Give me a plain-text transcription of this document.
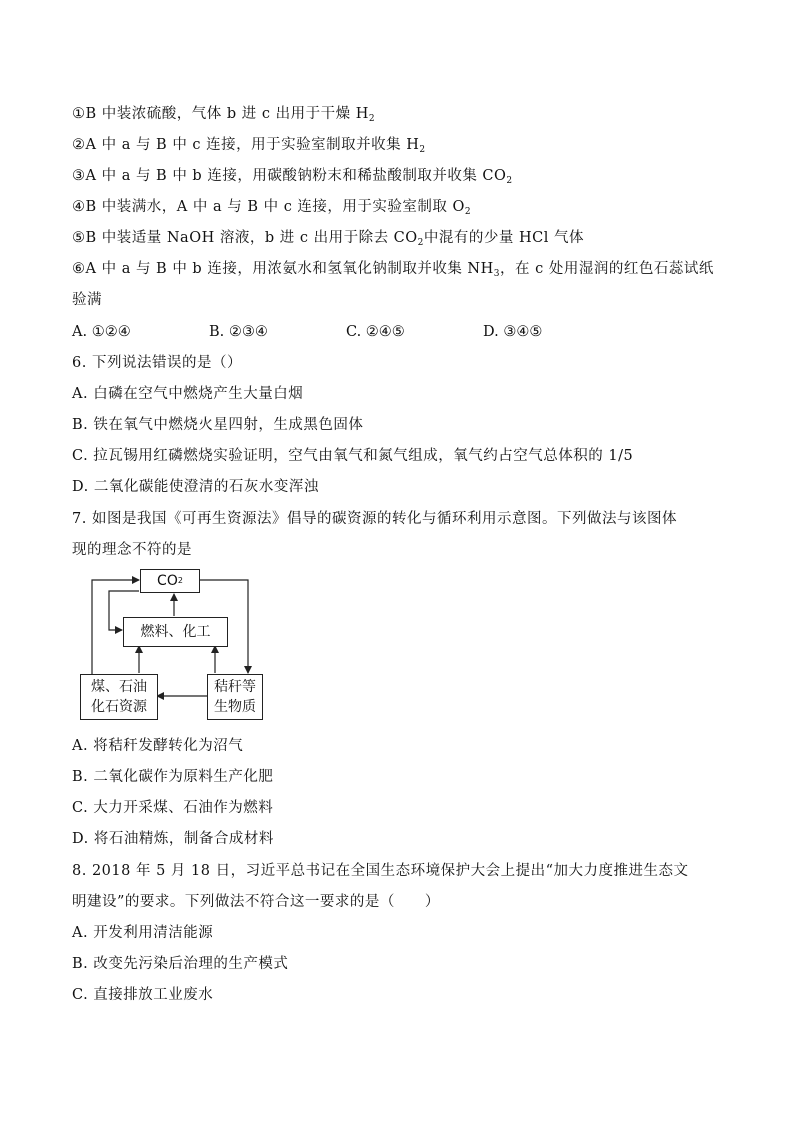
①B 中装浓硫酸，气体 b 进 c 出用于干燥 $H_2$
②A 中 a 与 B 中 c 连接，用于实验室制取并收集 $H_2$
③A 中 a 与 B 中 b 连接，用碳酸钠粉末和稀盐酸制取并收集 $CO_2$
④B 中装满水，A 中 a 与 B 中 c 连接，用于实验室制取 $O_2$
⑤B 中装适量 NaOH 溶液，b 进 c 出用于除去 $CO_2$中混有的少量 HCl 气体
⑥A 中 a 与 B 中 b 连接，用浓氨水和氢氧化钠制取并收集 $NH_3$，在 c 处用湿润的红色石蕊试纸
验满
A. ①②④	B. ②③④	C. ②④⑤	D. ③④⑤
6. 下列说法错误的是（）
A. 白磷在空气中燃烧产生大量白烟
B. 铁在氧气中燃烧火星四射，生成黑色固体
C. 拉瓦锡用红磷燃烧实验证明，空气由氧气和氮气组成，氧气约占空气总体积的 1/5
D. 二氧化碳能使澄清的石灰水变浑浊
7. 如图是我国《可再生资源法》倡导的碳资源的转化与循环利用示意图。下列做法与该图体
现的理念不符的是
CO 2
燃料、化工
煤、石油
化石资源
秸秆等
生物质
A. 将秸秆发酵转化为沼气
B. 二氧化碳作为原料生产化肥
C. 大力开采煤、石油作为燃料
D. 将石油精炼，制备合成材料
8. 2018 年 5 月 18 日，习近平总书记在全国生态环境保护大会上提出“加大力度推进生态文
明建设”的要求。下列做法不符合这一要求的是（　　）
A. 开发利用清洁能源
B. 改变先污染后治理的生产模式
C. 直接排放工业废水
